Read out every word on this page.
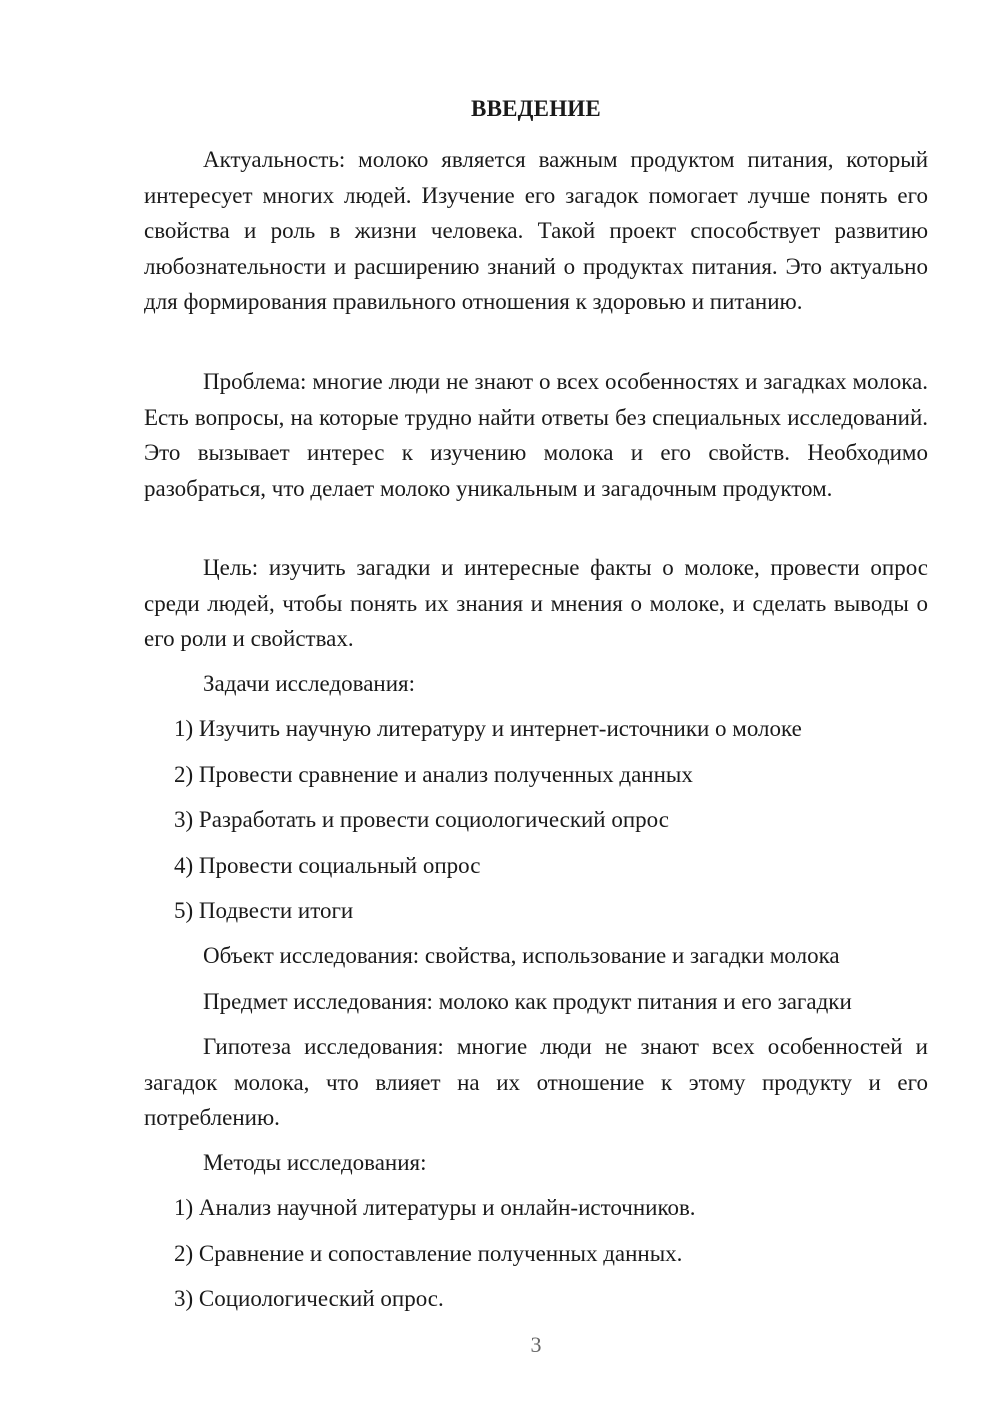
ВВЕДЕНИЕ

Актуальность: молоко является важным продуктом питания, который интересует многих людей. Изучение его загадок помогает лучше понять его свойства и роль в жизни человека. Такой проект способствует развитию любознательности и расширению знаний о продуктах питания. Это актуально для формирования правильного отношения к здоровью и питанию.

Проблема: многие люди не знают о всех особенностях и загадках молока. Есть вопросы, на которые трудно найти ответы без специальных исследований. Это вызывает интерес к изучению молока и его свойств. Необходимо разобраться, что делает молоко уникальным и загадочным продуктом.

Цель: изучить загадки и интересные факты о молоке, провести опрос среди людей, чтобы понять их знания и мнения о молоке, и сделать выводы о его роли и свойствах.

Задачи исследования:

1) Изучить научную литературу и интернет-источники о молоке

2) Провести сравнение и анализ полученных данных

3) Разработать и провести социологический опрос

4) Провести социальный опрос

5) Подвести итоги

Объект исследования: свойства, использование и загадки молока

Предмет исследования: молоко как продукт питания и его загадки

Гипотеза исследования: многие люди не знают всех особенностей и загадок молока, что влияет на их отношение к этому продукту и его потреблению.

Методы исследования:

1) Анализ научной литературы и онлайн-источников.

2) Сравнение и сопоставление полученных данных.

3) Социологический опрос.

3
